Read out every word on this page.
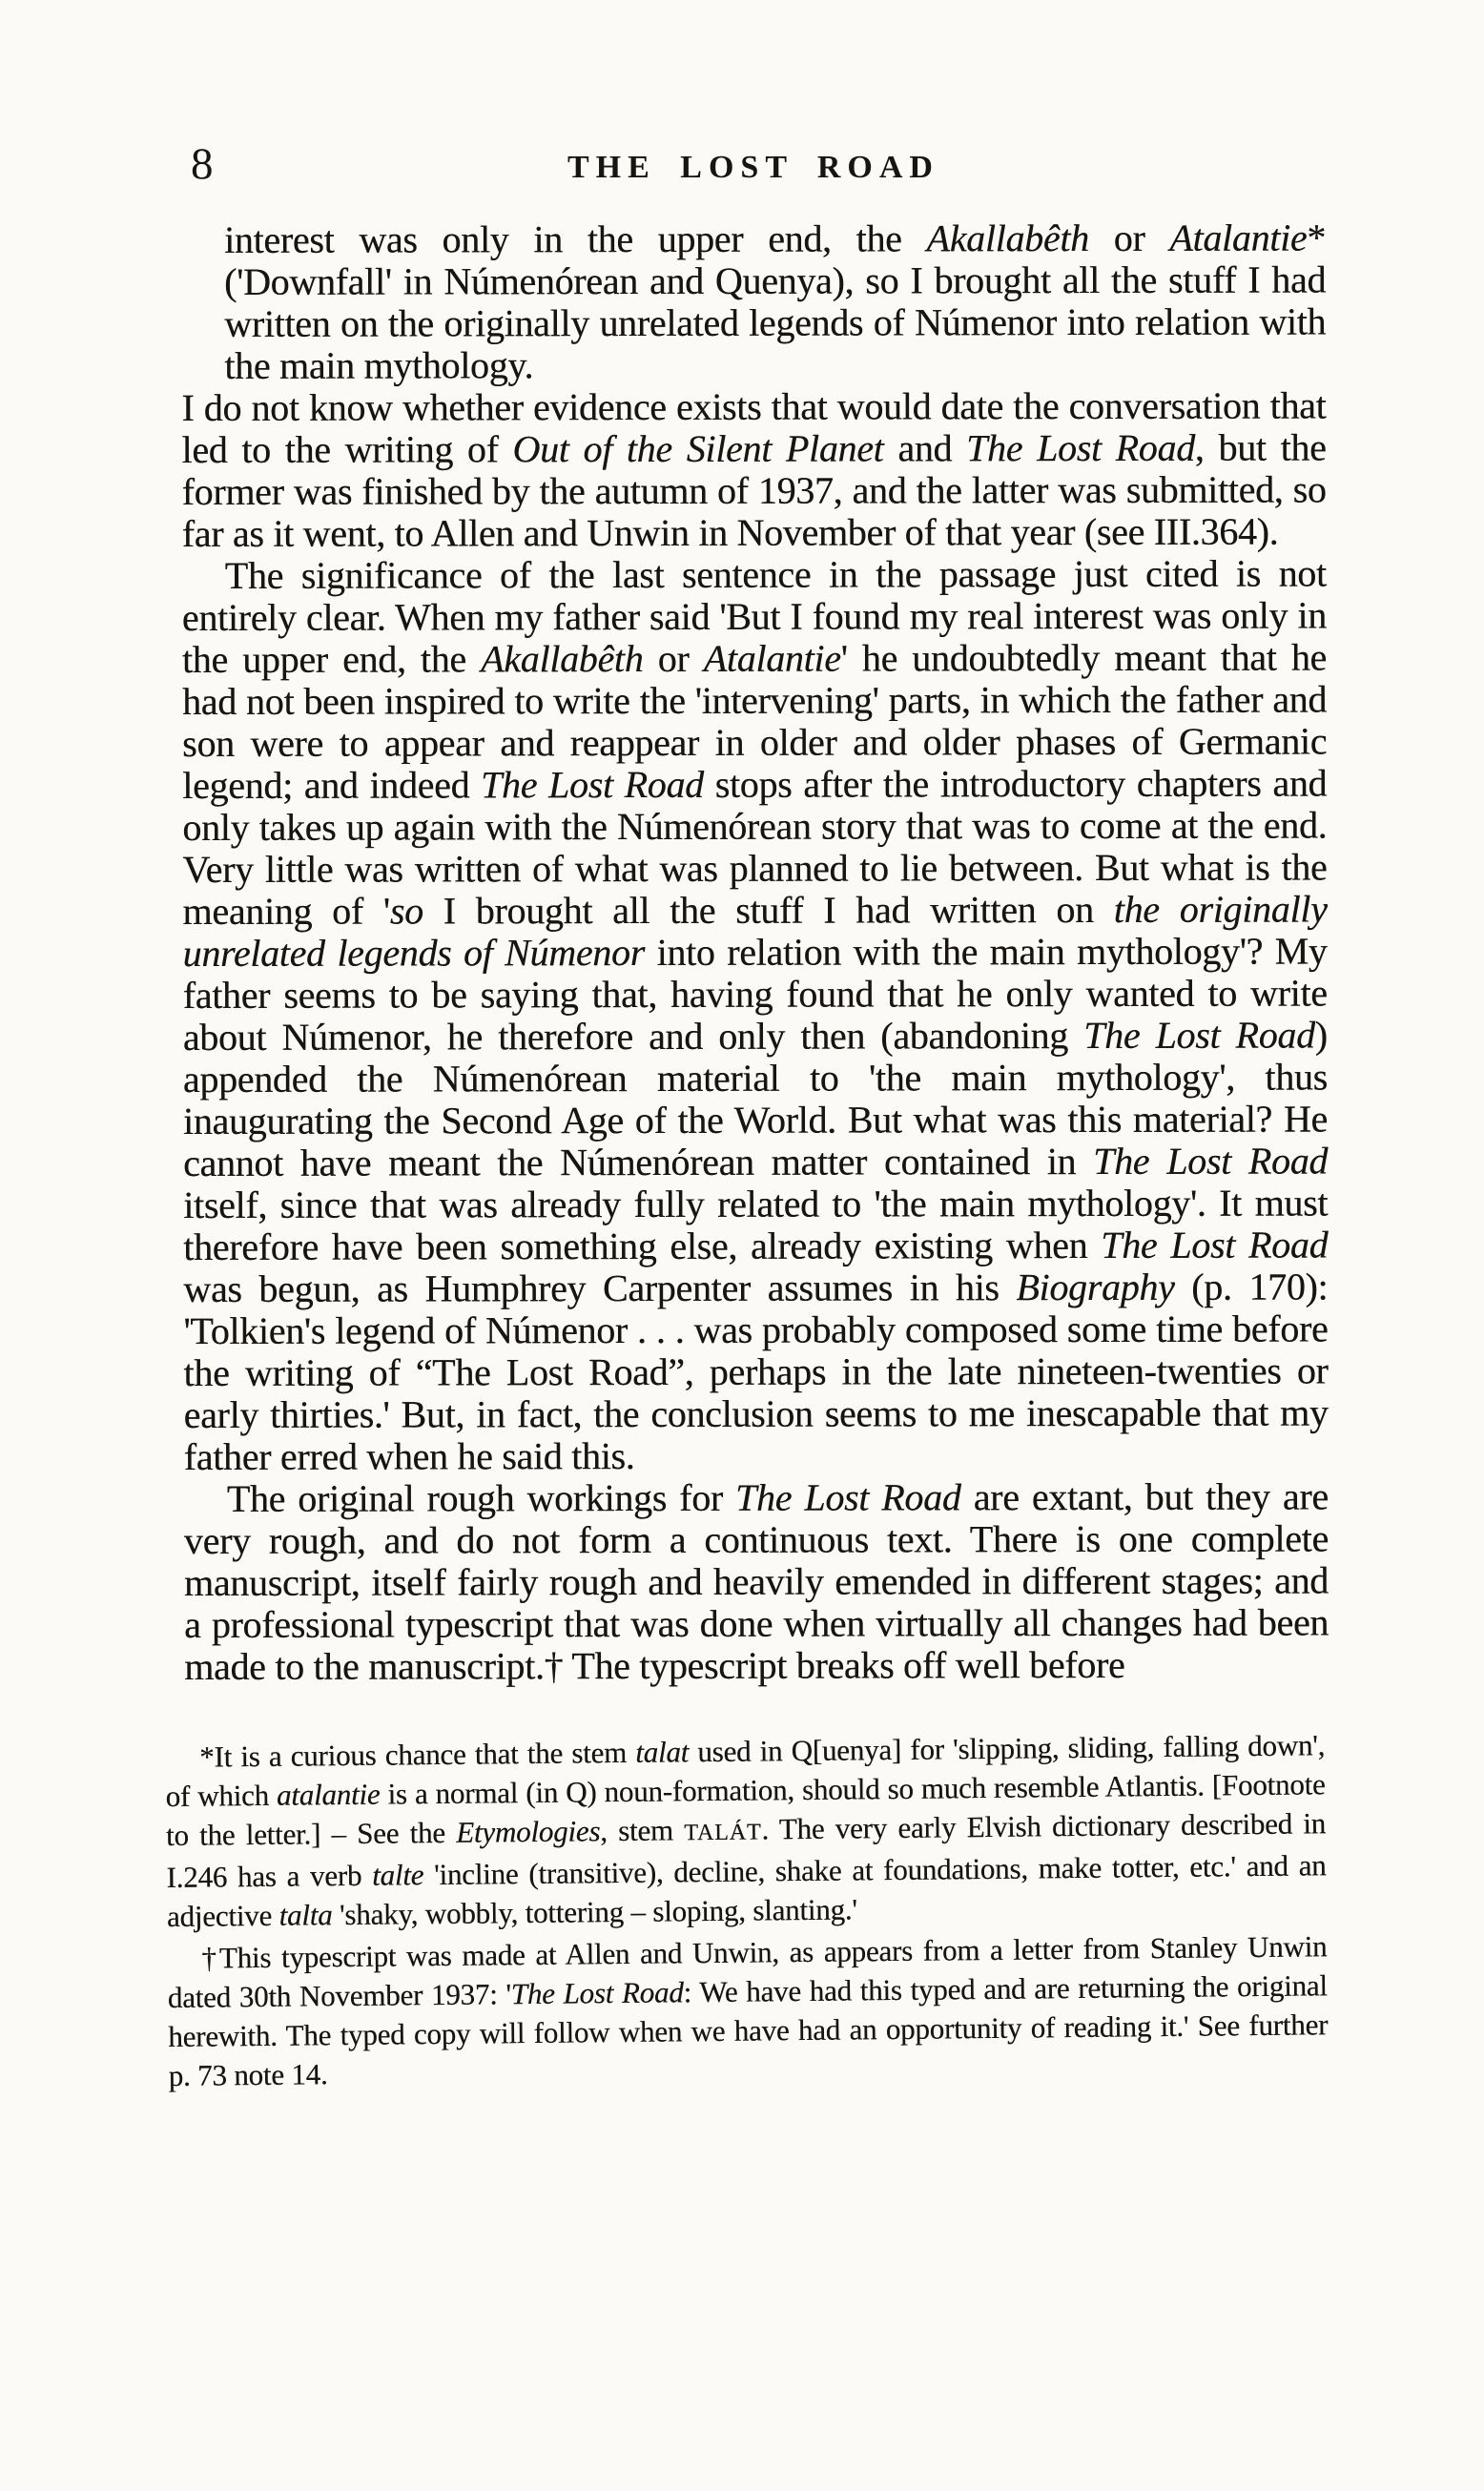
8	THE LOST ROAD

interest was only in the upper end, the Akallabêth or Atalantie* ('Downfall' in Númenórean and Quenya), so I brought all the stuff I had written on the originally unrelated legends of Númenor into relation with the main mythology.

I do not know whether evidence exists that would date the conversation that led to the writing of Out of the Silent Planet and The Lost Road, but the former was finished by the autumn of 1937, and the latter was submitted, so far as it went, to Allen and Unwin in November of that year (see III.364).

The significance of the last sentence in the passage just cited is not entirely clear. When my father said 'But I found my real interest was only in the upper end, the Akallabêth or Atalantie' he undoubtedly meant that he had not been inspired to write the 'intervening' parts, in which the father and son were to appear and reappear in older and older phases of Germanic legend; and indeed The Lost Road stops after the introductory chapters and only takes up again with the Númenórean story that was to come at the end. Very little was written of what was planned to lie between. But what is the meaning of 'so I brought all the stuff I had written on the originally unrelated legends of Númenor into relation with the main mythology'? My father seems to be saying that, having found that he only wanted to write about Númenor, he therefore and only then (abandoning The Lost Road) appended the Númenórean material to 'the main mythology', thus inaugurating the Second Age of the World. But what was this material? He cannot have meant the Númenórean matter contained in The Lost Road itself, since that was already fully related to 'the main mythology'. It must therefore have been something else, already existing when The Lost Road was begun, as Humphrey Carpenter assumes in his Biography (p. 170): 'Tolkien's legend of Númenor . . . was probably composed some time before the writing of “The Lost Road”, perhaps in the late nineteen-twenties or early thirties.' But, in fact, the conclusion seems to me inescapable that my father erred when he said this.

The original rough workings for The Lost Road are extant, but they are very rough, and do not form a continuous text. There is one complete manuscript, itself fairly rough and heavily emended in different stages; and a professional typescript that was done when virtually all changes had been made to the manuscript.† The typescript breaks off well before

*It is a curious chance that the stem talat used in Q[uenya] for 'slipping, sliding, falling down', of which atalantie is a normal (in Q) noun-formation, should so much resemble Atlantis. [Footnote to the letter.] – See the Etymologies, stem TALÁT. The very early Elvish dictionary described in I.246 has a verb talte 'incline (transitive), decline, shake at foundations, make totter, etc.' and an adjective talta 'shaky, wobbly, tottering – sloping, slanting.'

†This typescript was made at Allen and Unwin, as appears from a letter from Stanley Unwin dated 30th November 1937: 'The Lost Road: We have had this typed and are returning the original herewith. The typed copy will follow when we have had an opportunity of reading it.' See further p. 73 note 14.
